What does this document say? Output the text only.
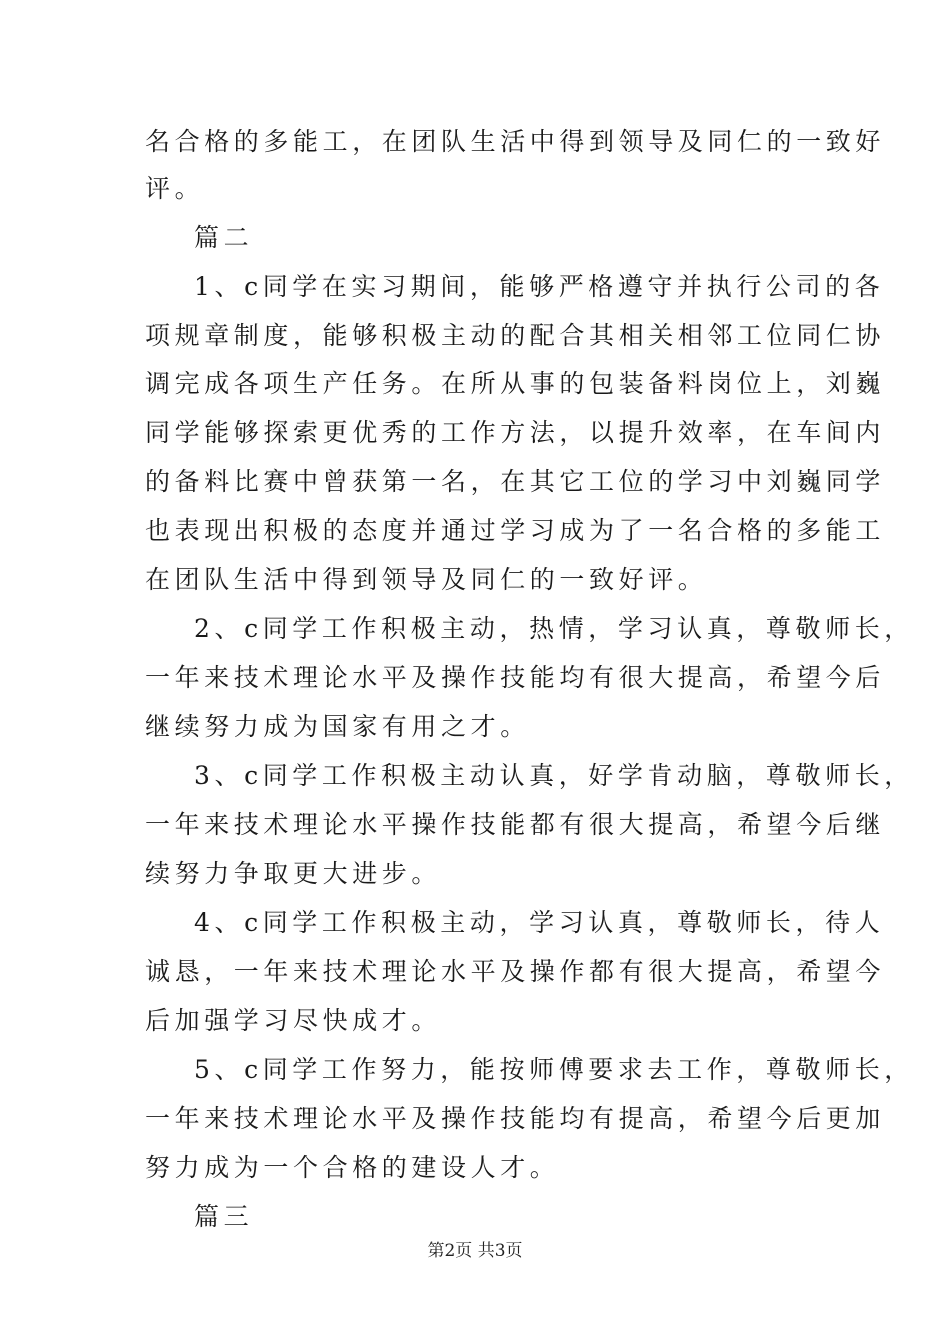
名合格的多能工，在团队生活中得到领导及同仁的一致好
评。
篇二
1、c同学在实习期间，能够严格遵守并执行公司的各
项规章制度，能够积极主动的配合其相关相邻工位同仁协
调完成各项生产任务。在所从事的包装备料岗位上，刘巍
同学能够探索更优秀的工作方法，以提升效率，在车间内
的备料比赛中曾获第一名，在其它工位的学习中刘巍同学
也表现出积极的态度并通过学习成为了一名合格的多能工
在团队生活中得到领导及同仁的一致好评。
2、c同学工作积极主动，热情，学习认真，尊敬师长，
一年来技术理论水平及操作技能均有很大提高，希望今后
继续努力成为国家有用之才。
3、c同学工作积极主动认真，好学肯动脑，尊敬师长，
一年来技术理论水平操作技能都有很大提高，希望今后继
续努力争取更大进步。
4、c同学工作积极主动，学习认真，尊敬师长，待人
诚恳，一年来技术理论水平及操作都有很大提高，希望今
后加强学习尽快成才。
5、c同学工作努力，能按师傅要求去工作，尊敬师长，
一年来技术理论水平及操作技能均有提高，希望今后更加
努力成为一个合格的建设人才。
篇三
第2页 共3页
